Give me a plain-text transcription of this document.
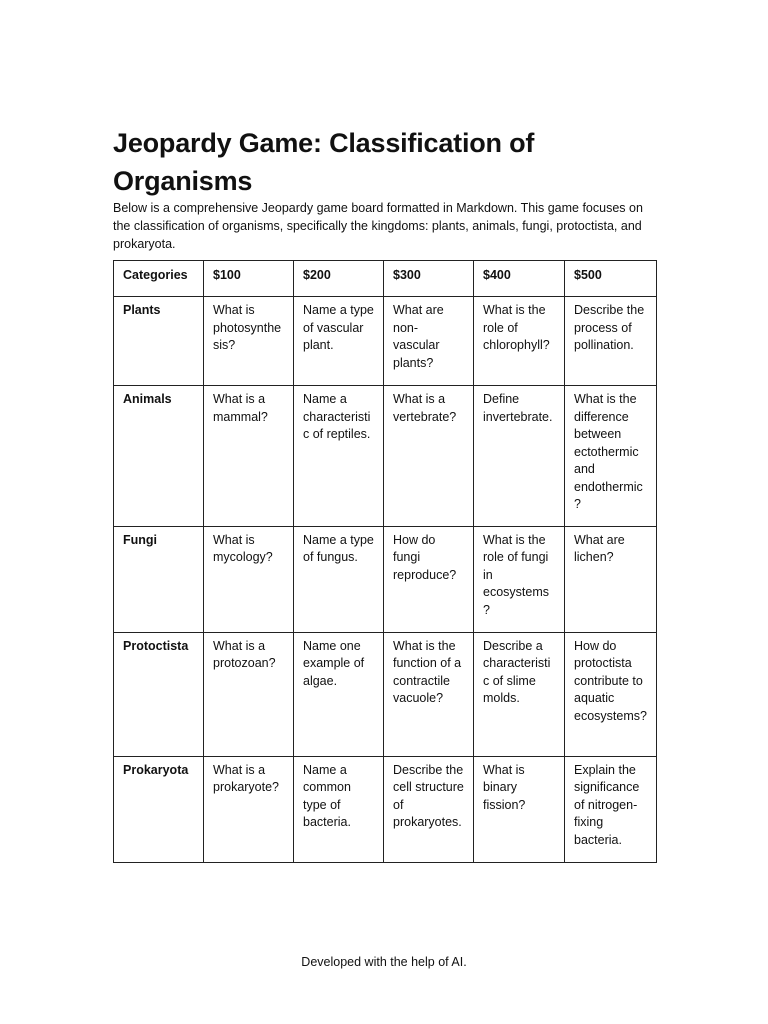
Jeopardy Game: Classification of Organisms

Below is a comprehensive Jeopardy game board formatted in Markdown. This game focuses on the classification of organisms, specifically the kingdoms: plants, animals, fungi, protoctista, and prokaryota.

Categories	$100	$200	$300	$400	$500
Plants	What is photosynthesis?	Name a type of vascular plant.	What are non-vascular plants?	What is the role of chlorophyll?	Describe the process of pollination.
Animals	What is a mammal?	Name a characteristic of reptiles.	What is a vertebrate?	Define invertebrate.	What is the difference between ectothermic and endothermic?
Fungi	What is mycology?	Name a type of fungus.	How do fungi reproduce?	What is the role of fungi in ecosystems?	What are lichen?
Protoctista	What is a protozoan?	Name one example of algae.	What is the function of a contractile vacuole?	Describe a characteristic of slime molds.	How do protoctista contribute to aquatic ecosystems?
Prokaryota	What is a prokaryote?	Name a common type of bacteria.	Describe the cell structure of prokaryotes.	What is binary fission?	Explain the significance of nitrogen-fixing bacteria.
Developed with the help of AI.
